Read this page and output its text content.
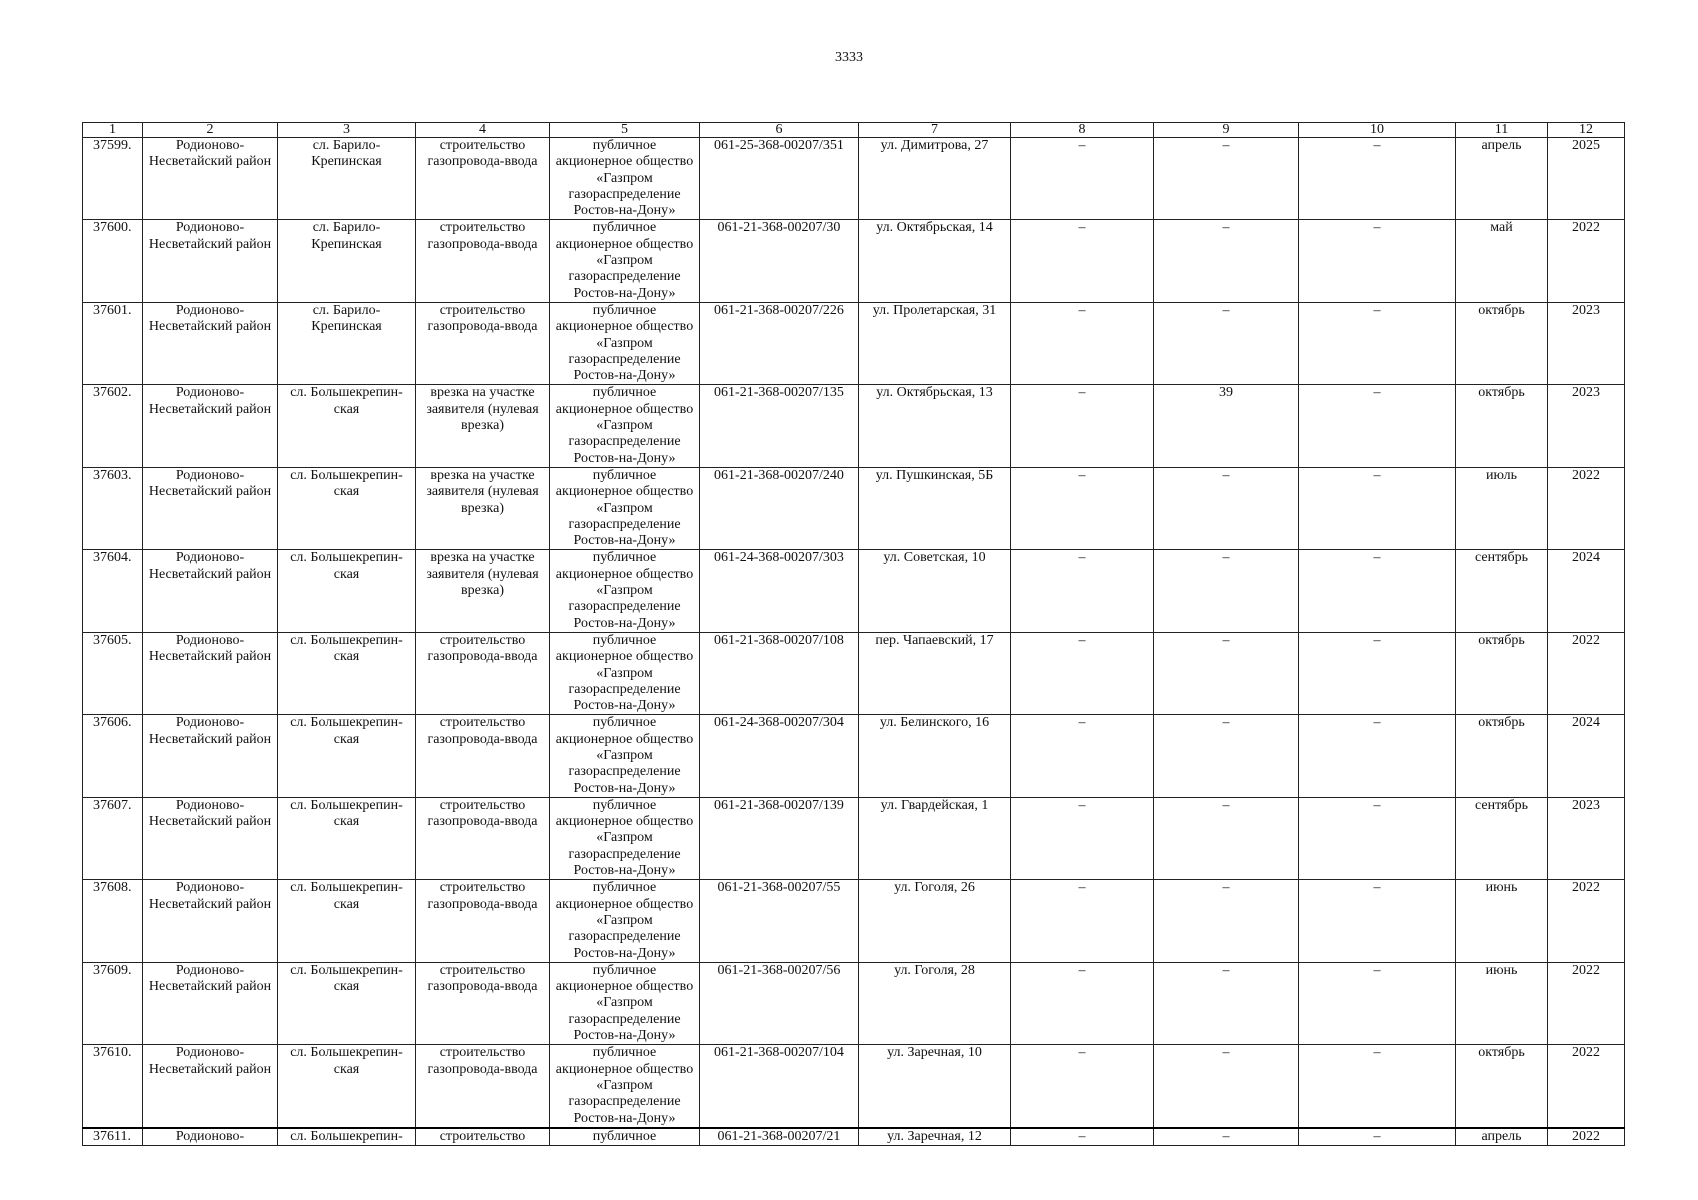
3333
1	2	3	4	5	6	7	8	9	10	11	12
37599.	Родионово-Несветайский район	сл. Барило-Крепинская	строительство газопровода-ввода	публичное акционерное общество «Газпром газораспределение Ростов-на-Дону»	061-25-368-00207/351	ул. Димитрова, 27	–	–	–	апрель	2025
37600.	Родионово-Несветайский район	сл. Барило-Крепинская	строительство газопровода-ввода	публичное акционерное общество «Газпром газораспределение Ростов-на-Дону»	061-21-368-00207/30	ул. Октябрьская, 14	–	–	–	май	2022
37601.	Родионово-Несветайский район	сл. Барило-Крепинская	строительство газопровода-ввода	публичное акционерное общество «Газпром газораспределение Ростов-на-Дону»	061-21-368-00207/226	ул. Пролетарская, 31	–	–	–	октябрь	2023
37602.	Родионово-Несветайский район	сл. Большекрепин-ская	врезка на участке заявителя (нулевая врезка)	публичное акционерное общество «Газпром газораспределение Ростов-на-Дону»	061-21-368-00207/135	ул. Октябрьская, 13	–	39	–	октябрь	2023
37603.	Родионово-Несветайский район	сл. Большекрепин-ская	врезка на участке заявителя (нулевая врезка)	публичное акционерное общество «Газпром газораспределение Ростов-на-Дону»	061-21-368-00207/240	ул. Пушкинская, 5Б	–	–	–	июль	2022
37604.	Родионово-Несветайский район	сл. Большекрепин-ская	врезка на участке заявителя (нулевая врезка)	публичное акционерное общество «Газпром газораспределение Ростов-на-Дону»	061-24-368-00207/303	ул. Советская, 10	–	–	–	сентябрь	2024
37605.	Родионово-Несветайский район	сл. Большекрепин-ская	строительство газопровода-ввода	публичное акционерное общество «Газпром газораспределение Ростов-на-Дону»	061-21-368-00207/108	пер. Чапаевский, 17	–	–	–	октябрь	2022
37606.	Родионово-Несветайский район	сл. Большекрепин-ская	строительство газопровода-ввода	публичное акционерное общество «Газпром газораспределение Ростов-на-Дону»	061-24-368-00207/304	ул. Белинского, 16	–	–	–	октябрь	2024
37607.	Родионово-Несветайский район	сл. Большекрепин-ская	строительство газопровода-ввода	публичное акционерное общество «Газпром газораспределение Ростов-на-Дону»	061-21-368-00207/139	ул. Гвардейская, 1	–	–	–	сентябрь	2023
37608.	Родионово-Несветайский район	сл. Большекрепин-ская	строительство газопровода-ввода	публичное акционерное общество «Газпром газораспределение Ростов-на-Дону»	061-21-368-00207/55	ул. Гоголя, 26	–	–	–	июнь	2022
37609.	Родионово-Несветайский район	сл. Большекрепин-ская	строительство газопровода-ввода	публичное акционерное общество «Газпром газораспределение Ростов-на-Дону»	061-21-368-00207/56	ул. Гоголя, 28	–	–	–	июнь	2022
37610.	Родионово-Несветайский район	сл. Большекрепин-ская	строительство газопровода-ввода	публичное акционерное общество «Газпром газораспределение Ростов-на-Дону»	061-21-368-00207/104	ул. Заречная, 10	–	–	–	октябрь	2022
37611.	Родионово-	сл. Большекрепин-	строительство	публичное	061-21-368-00207/21	ул. Заречная, 12	–	–	–	апрель	2022
